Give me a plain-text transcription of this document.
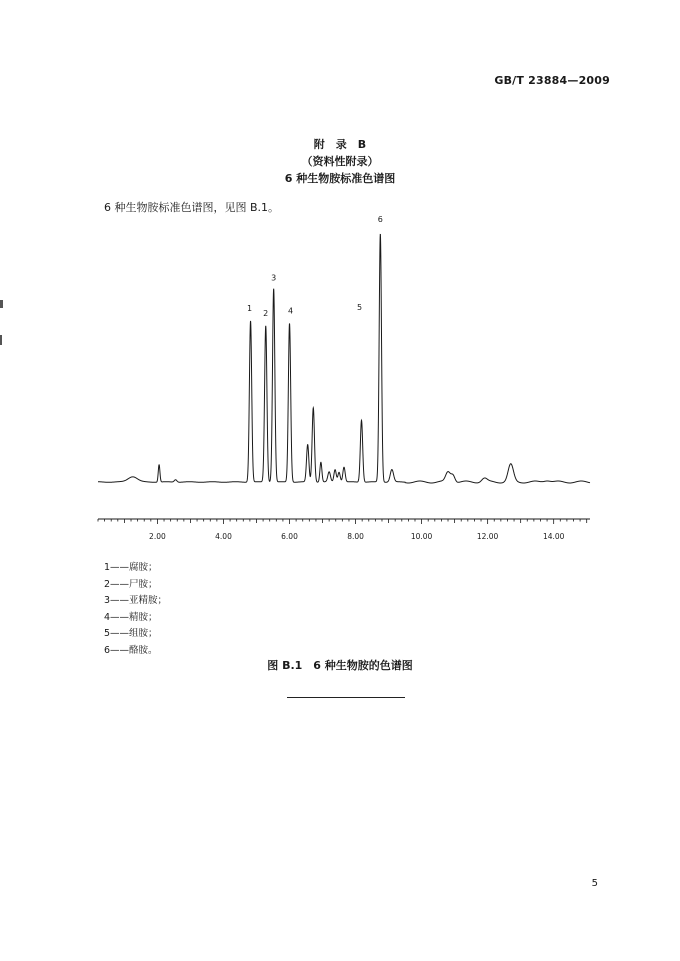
GB/T 23884—2009
附　录　B
（资料性附录）
6 种生物胺标准色谱图
6 种生物胺标准色谱图，见图 B.1。
1
2
3
4	5
6
2.00	4.00	6.00	8.00	10.00	12.00	14.00
1——腐胺；
2——尸胺；
3——亚精胺；
4——精胺；
5——组胺；
6——酪胺。
图 B.1　6 种生物胺的色谱图
5
